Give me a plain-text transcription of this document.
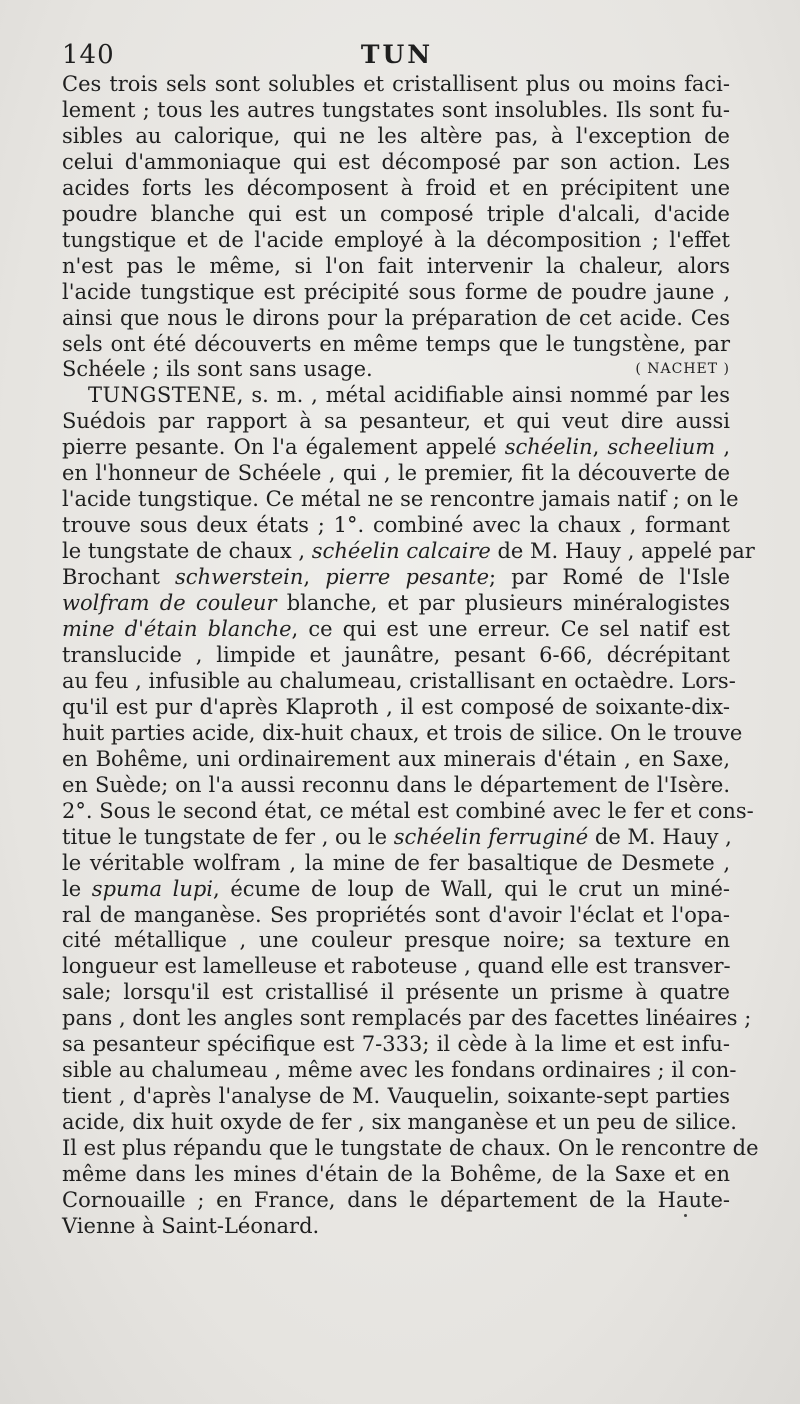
140	TUN
Ces trois sels sont solubles et cristallisent plus ou moins faci-
lement ; tous les autres tungstates sont insolubles. Ils sont fu-
sibles au calorique, qui ne les altère pas, à l'exception de
celui d'ammoniaque qui est décomposé par son action. Les
acides forts les décomposent à froid et en précipitent une
poudre blanche qui est un composé triple d'alcali, d'acide
tungstique et de l'acide employé à la décomposition ; l'effet
n'est pas le même, si l'on fait intervenir la chaleur, alors
l'acide tungstique est précipité sous forme de poudre jaune ,
ainsi que nous le dirons pour la préparation de cet acide. Ces
sels ont été découverts en même temps que le tungstène, par
Schéele ; ils sont sans usage.	( NACHET )
TUNGSTENE, s. m. , métal acidifiable ainsi nommé par les
Suédois par rapport à sa pesanteur, et qui veut dire aussi
pierre pesante. On l'a également appelé schéelin, scheelium ,
en l'honneur de Schéele , qui , le premier, fit la découverte de
l'acide tungstique. Ce métal ne se rencontre jamais natif ; on le
trouve sous deux états ; 1°. combiné avec la chaux , formant
le tungstate de chaux , schéelin calcaire de M. Hauy , appelé par
Brochant schwerstein, pierre pesante; par Romé de l'Isle
wolfram de couleur blanche, et par plusieurs minéralogistes
mine d'étain blanche, ce qui est une erreur. Ce sel natif est
translucide , limpide et jaunâtre, pesant 6-66, décrépitant
au feu , infusible au chalumeau, cristallisant en octaèdre. Lors-
qu'il est pur d'après Klaproth , il est composé de soixante-dix-
huit parties acide, dix-huit chaux, et trois de silice. On le trouve
en Bohême, uni ordinairement aux minerais d'étain , en Saxe,
en Suède; on l'a aussi reconnu dans le département de l'Isère.
2°. Sous le second état, ce métal est combiné avec le fer et cons-
titue le tungstate de fer , ou le schéelin ferruginé de M. Hauy ,
le véritable wolfram , la mine de fer basaltique de Desmete ,
le spuma lupi, écume de loup de Wall, qui le crut un miné-
ral de manganèse. Ses propriétés sont d'avoir l'éclat et l'opa-
cité métallique , une couleur presque noire; sa texture en
longueur est lamelleuse et raboteuse , quand elle est transver-
sale; lorsqu'il est cristallisé il présente un prisme à quatre
pans , dont les angles sont remplacés par des facettes linéaires ;
sa pesanteur spécifique est 7-333; il cède à la lime et est infu-
sible au chalumeau , même avec les fondans ordinaires ; il con-
tient , d'après l'analyse de M. Vauquelin, soixante-sept parties
acide, dix huit oxyde de fer , six manganèse et un peu de silice.
Il est plus répandu que le tungstate de chaux. On le rencontre de
même dans les mines d'étain de la Bohême, de la Saxe et en
Cornouaille ; en France, dans le département de la Haute-
Vienne à Saint-Léonard.
